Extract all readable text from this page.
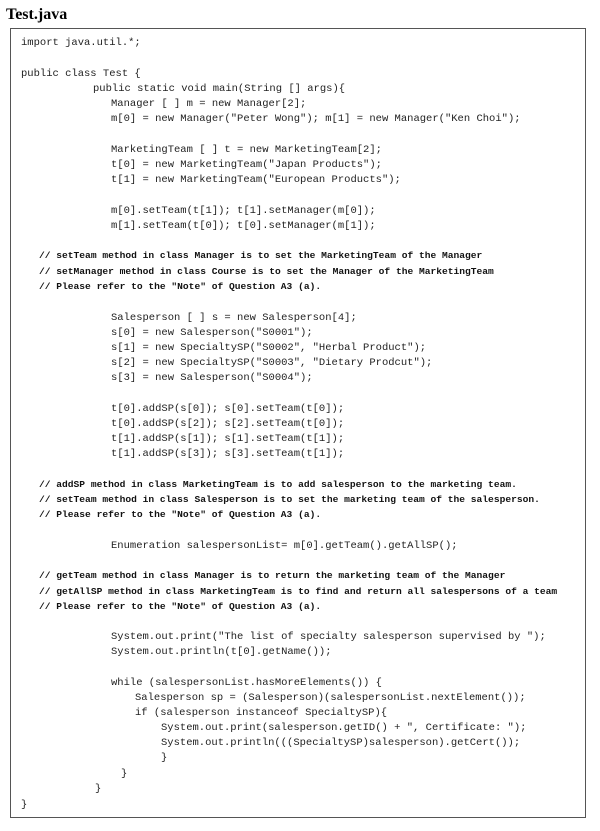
Test.java
import java.util.*;
public class Test {
public static void main(String [] args){
Manager [ ] m = new Manager[2];
m[0] = new Manager("Peter Wong"); m[1] = new Manager("Ken Choi");
MarketingTeam [ ] t = new MarketingTeam[2];
t[0] = new MarketingTeam("Japan Products");
t[1] = new MarketingTeam("European Products");
m[0].setTeam(t[1]); t[1].setManager(m[0]);
m[1].setTeam(t[0]); t[0].setManager(m[1]);
// setTeam method in class Manager is to set the MarketingTeam of the Manager
// setManager method in class Course is to set the Manager of the MarketingTeam
// Please refer to the "Note" of Question A3 (a).
Salesperson [ ] s = new Salesperson[4];
s[0] = new Salesperson("S0001");
s[1] = new SpecialtySP("S0002", "Herbal Product");
s[2] = new SpecialtySP("S0003", "Dietary Prodcut");
s[3] = new Salesperson("S0004");
t[0].addSP(s[0]); s[0].setTeam(t[0]);
t[0].addSP(s[2]); s[2].setTeam(t[0]);
t[1].addSP(s[1]); s[1].setTeam(t[1]);
t[1].addSP(s[3]); s[3].setTeam(t[1]);
// addSP method in class MarketingTeam is to add salesperson to the marketing team.
// setTeam method in class Salesperson is to set the marketing team of the salesperson.
// Please refer to the "Note" of Question A3 (a).
Enumeration salespersonList= m[0].getTeam().getAllSP();
// getTeam method in class Manager is to return the marketing team of the Manager
// getAllSP method in class MarketingTeam is to find and return all salespersons of a team
// Please refer to the "Note" of Question A3 (a).
System.out.print("The list of specialty salesperson supervised by ");
System.out.println(t[0].getName());
while (salespersonList.hasMoreElements()) {
Salesperson sp = (Salesperson)(salespersonList.nextElement());
if (salesperson instanceof SpecialtySP){
System.out.print(salesperson.getID() + ", Certificate: ");
System.out.println(((SpecialtySP)salesperson).getCert());
}
}
}
}
